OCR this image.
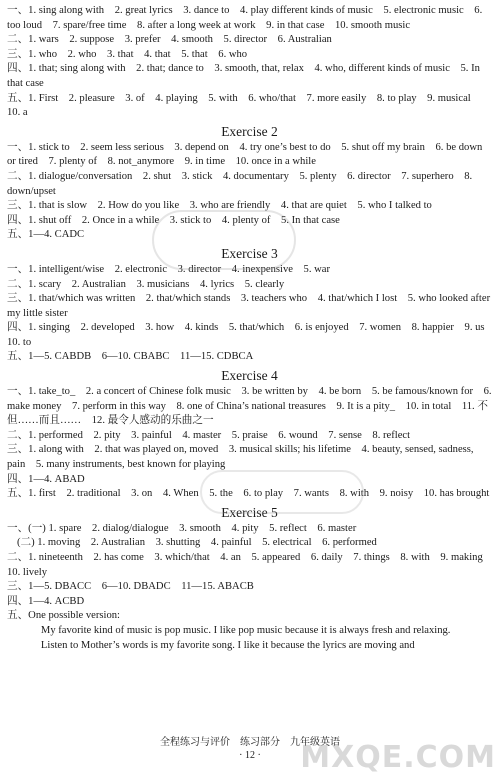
一、1. sing along with　2. great lyrics　3. dance to　4. play different kinds of music　5. electronic music　6. too loud　7. spare/free time　8. after a long week at work　9. in that case　10. smooth music
二、1. wars　2. suppose　3. prefer　4. smooth　5. director　6. Australian
三、1. who　2. who　3. that　4. that　5. that　6. who
四、1. that; sing along with　2. that; dance to　3. smooth, that, relax　4. who, different kinds of music　5. In that case
五、1. First　2. pleasure　3. of　4. playing　5. with　6. who/that　7. more easily　8. to play　9. musical　10. a
Exercise 2
一、1. stick to　2. seem less serious　3. depend on　4. try one’s best to do　5. shut off my brain　6. be down or tired　7. plenty of　8. not_anymore　9. in time　10. once in a while
二、1. dialogue/conversation　2. shut　3. stick　4. documentary　5. plenty　6. director　7. superhero　8. down/upset
三、1. that is slow　2. How do you like　3. who are friendly　4. that are quiet　5. who I talked to
四、1. shut off　2. Once in a while　3. stick to　4. plenty of　5. In that case
五、1—4. CADC
Exercise 3
一、1. intelligent/wise　2. electronic　3. director　4. inexpensive　5. war
二、1. scary　2. Australian　3. musicians　4. lyrics　5. clearly
三、1. that/which was written　2. that/which stands　3. teachers who　4. that/which I lost　5. who looked after my little sister
四、1. singing　2. developed　3. how　4. kinds　5. that/which　6. is enjoyed　7. women　8. happier　9. us　10. to
五、1—5. CABDB　6—10. CBABC　11—15. CDBCA
Exercise 4
一、1. take_to_　2. a concert of Chinese folk music　3. be written by　4. be born　5. be famous/known for　6. make money　7. perform in this way　8. one of China’s national treasures　9. It is a pity_　10. in total　11. 不但……而且……　12. 最令人感动的乐曲之一
二、1. performed　2. pity　3. painful　4. master　5. praise　6. wound　7. sense　8. reflect
三、1. along with　2. that was played on, moved　3. musical skills; his lifetime　4. beauty, sensed, sadness, pain　5. many instruments, best known for playing
四、1—4. ABAD
五、1. first　2. traditional　3. on　4. When　5. the　6. to play　7. wants　8. with　9. noisy　10. has brought
Exercise 5
一、(一) 1. spare　2. dialog/dialogue　3. smooth　4. pity　5. reflect　6. master
(二) 1. moving　2. Australian　3. shutting　4. painful　5. electrical　6. performed
二、1. nineteenth　2. has come　3. which/that　4. an　5. appeared　6. daily　7. things　8. with　9. making　10. lively
三、1—5. DBACC　6—10. DBADC　11—15. ABACB
四、1—4. ACBD
五、One possible version:

My favorite kind of music is pop music. I like pop music because it is always fresh and relaxing.

Listen to Mother’s words is my favorite song. I like it because the lyrics are moving and

全程练习与评价　练习部分　九年级英语
· 12 ·	MXQE.COM
